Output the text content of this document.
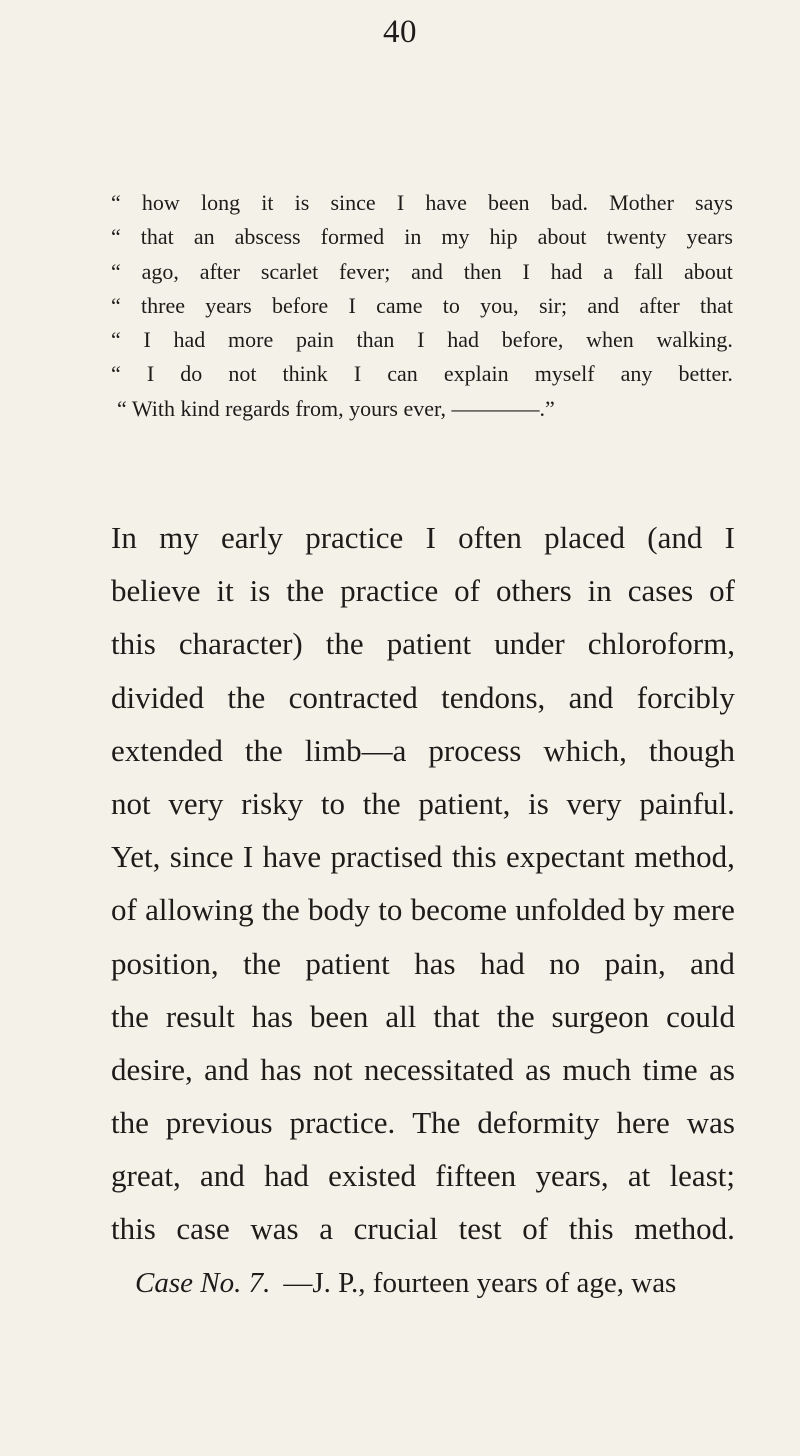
40
“ how long it is since I have been bad. Mother says
“ that an abscess formed in my hip about twenty years
“ ago, after scarlet fever; and then I had a fall about
“ three years before I came to you, sir; and after that
“ I had more pain than I had before, when walking.
“ I do not think I can explain myself any better.
“ With kind regards from, yours ever, ————.”
In my early practice I often placed (and I
believe it is the practice of others in cases of
this character) the patient under chloroform,
divided the contracted tendons, and forcibly
extended the limb—a process which, though
not very risky to the patient, is very painful.
Yet, since I have practised this expectant method,
of allowing the body to become unfolded by mere
position, the patient has had no pain, and
the result has been all that the surgeon could
desire, and has not necessitated as much time as
the previous practice. The deformity here was
great, and had existed fifteen years, at least;
this case was a crucial test of this method.
Case No. 7. —J. P., fourteen years of age, was
